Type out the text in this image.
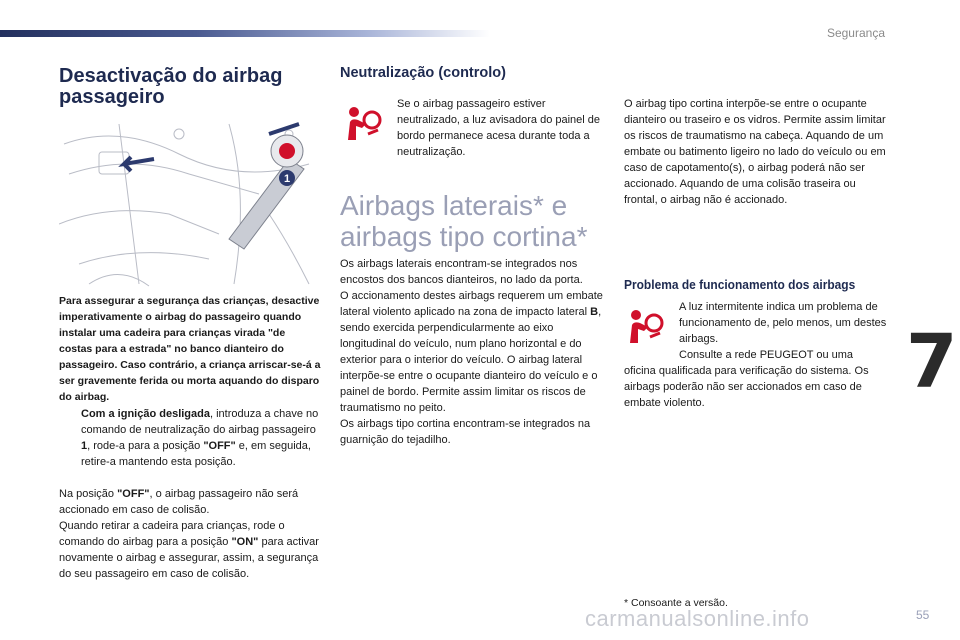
Segurança
7
Desactivação do airbag passageiro
1
Para assegurar a segurança das crianças, desactive imperativamente o airbag do passageiro quando instalar uma cadeira para crianças virada "de costas para a estrada" no banco dianteiro do passageiro. Caso contrário, a criança arriscar-se-á a ser gravemente ferida ou morta aquando do disparo do airbag.
Com a ignição desligada, introduza a chave no comando de neutralização do airbag passageiro 1, rode-a para a posição "OFF" e, em seguida, retire-a mantendo esta posição.
Na posição "OFF", o airbag passageiro não será accionado em caso de colisão.
Quando retirar a cadeira para crianças, rode o comando do airbag para a posição "ON" para activar novamente o airbag e assegurar, assim, a segurança do seu passageiro em caso de colisão.
Neutralização (controlo)
Se o airbag passageiro estiver neutralizado, a luz avisadora do painel de bordo permanece acesa durante toda a neutralização.
Airbags laterais* e airbags tipo cortina*
Os airbags laterais encontram-se integrados nos encostos dos bancos dianteiros, no lado da porta.
O accionamento destes airbags requerem um embate lateral violento aplicado na zona de impacto lateral B, sendo exercida perpendicularmente ao eixo longitudinal do veículo, num plano horizontal e do exterior para o interior do veículo. O airbag lateral interpõe-se entre o ocupante dianteiro do veículo e o painel de bordo. Permite assim limitar os riscos de traumatismo no peito.
Os airbags tipo cortina encontram-se integrados na guarnição do tejadilho.
O airbag tipo cortina interpõe-se entre o ocupante dianteiro ou traseiro e os vidros. Permite assim limitar os riscos de traumatismo na cabeça. Aquando de um embate ou batimento ligeiro no lado do veículo ou em caso de capotamento(s), o airbag poderá não ser accionado. Aquando de uma colisão traseira ou frontal, o airbag não é accionado.
Problema de funcionamento dos airbags
A luz intermitente indica um problema de funcionamento de, pelo menos, um destes airbags.
Consulte a rede PEUGEOT ou uma
oficina qualificada para verificação do sistema. Os airbags poderão não ser accionados em caso de embate violento.
* Consoante a versão.
carmanualsonline.info	55
